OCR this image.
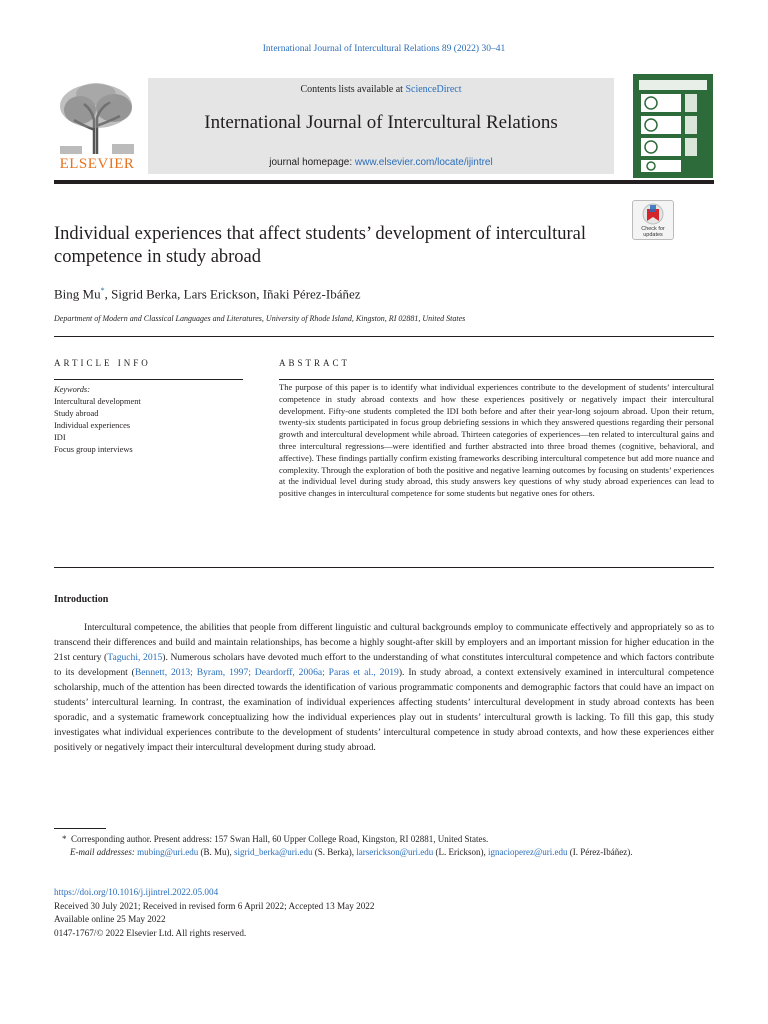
International Journal of Intercultural Relations 89 (2022) 30–41
ELSEVIER
Contents lists available at ScienceDirect
International Journal of Intercultural Relations
journal homepage: www.elsevier.com/locate/ijintrel
Check for updates
Individual experiences that affect students’ development of intercultural competence in study abroad
Bing Mu*, Sigrid Berka, Lars Erickson, Iñaki Pérez-Ibáñez
Department of Modern and Classical Languages and Literatures, University of Rhode Island, Kingston, RI 02881, United States
ARTICLE INFO	ABSTRACT
Keywords:
Intercultural development
Study abroad
Individual experiences
IDI
Focus group interviews
The purpose of this paper is to identify what individual experiences contribute to the development of students’ intercultural competence in study abroad contexts and how these experiences positively or negatively impact their intercultural development. Fifty-one students completed the IDI both before and after their year-long sojourn abroad. Upon their return, twenty-six students participated in focus group debriefing sessions in which they answered questions regarding their personal growth and intercultural development while abroad. Thirteen categories of experiences—ten related to intercultural gains and three intercultural regressions—were identified and further abstracted into three broad themes (cognitive, behavioral, and affective). These findings partially confirm existing frameworks describing intercultural competence but add more nuance and complexity. Through the exploration of both the positive and negative learning outcomes by focusing on students’ experiences at the individual level during study abroad, this study answers key questions of why study abroad experiences can lead to positive changes in intercultural competence for some students but negative ones for others.
Introduction
Intercultural competence, the abilities that people from different linguistic and cultural backgrounds employ to communicate effectively and appropriately so as to transcend their differences and build and maintain relationships, has become a highly sought-after skill by employers and an important mission for higher education in the 21st century (Taguchi, 2015). Numerous scholars have devoted much effort to the understanding of what constitutes intercultural competence and which factors contribute to its development (Bennett, 2013; Byram, 1997; Deardorff, 2006a; Paras et al., 2019). In study abroad, a context extensively examined in intercultural competence scholarship, much of the attention has been directed towards the identification of various programmatic components and demographic factors that could have an impact on students’ intercultural learning. In contrast, the examination of individual experiences affecting students’ intercultural development in study abroad contexts has been sporadic, and a systematic framework conceptualizing how the individual experiences play out in students’ intercultural growth is lacking. To fill this gap, this study investigates what individual experiences contribute to the development of students’ intercultural competence in study abroad contexts, and how these experiences either positively or negatively impact their intercultural development during study abroad.
* Corresponding author. Present address: 157 Swan Hall, 60 Upper College Road, Kingston, RI 02881, United States.
E-mail addresses: mubing@uri.edu (B. Mu), sigrid_berka@uri.edu (S. Berka), larserickson@uri.edu (L. Erickson), ignacioperez@uri.edu (I. Pérez-Ibáñez).
https://doi.org/10.1016/j.ijintrel.2022.05.004
Received 30 July 2021; Received in revised form 6 April 2022; Accepted 13 May 2022
Available online 25 May 2022
0147-1767/© 2022 Elsevier Ltd. All rights reserved.
